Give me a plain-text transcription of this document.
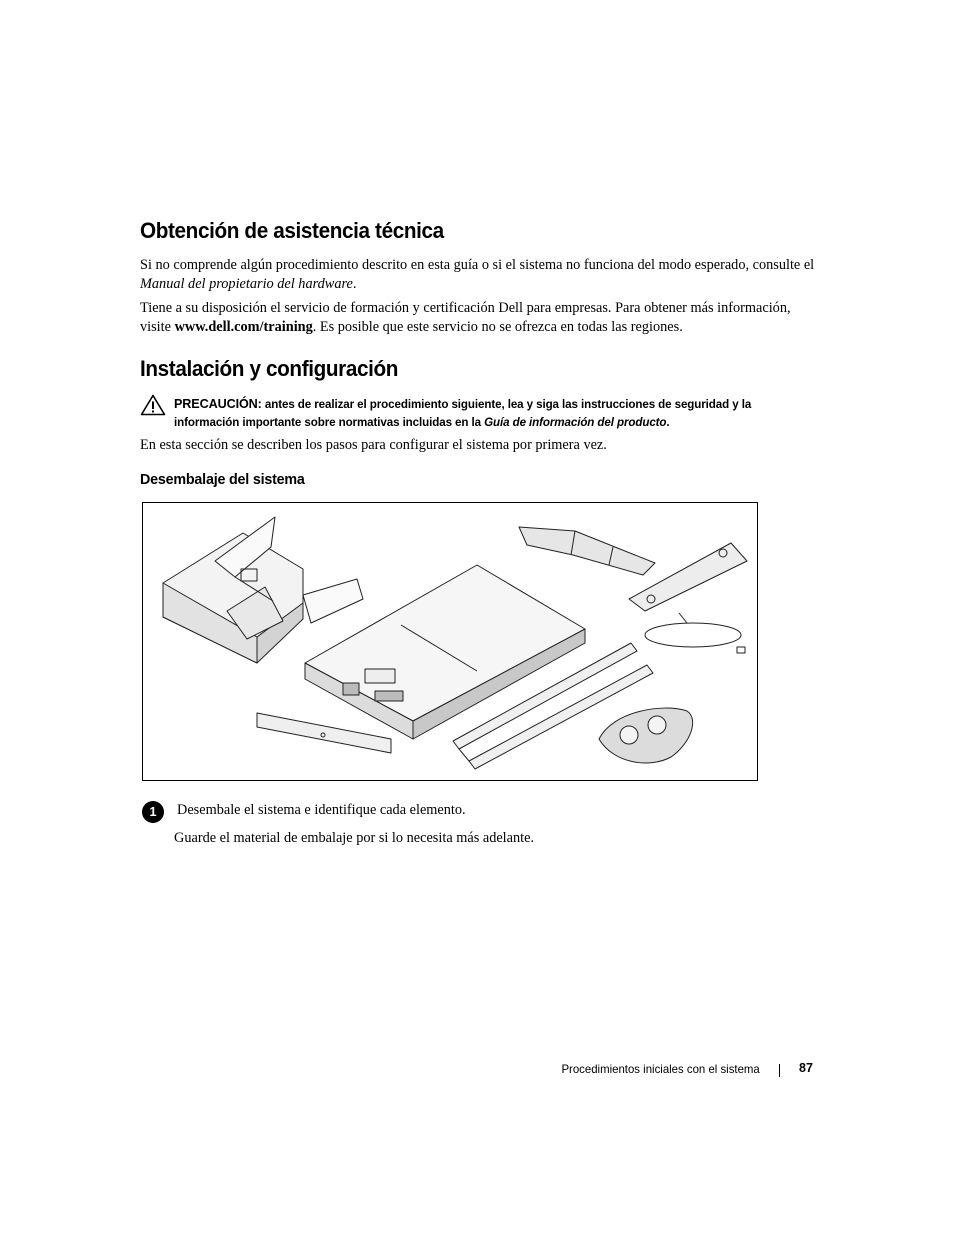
Obtención de asistencia técnica

Si no comprende algún procedimiento descrito en esta guía o si el sistema no funciona del modo esperado, consulte el Manual del propietario del hardware.

Tiene a su disposición el servicio de formación y certificación Dell para empresas. Para obtener más información, visite www.dell.com/training. Es posible que este servicio no se ofrezca en todas las regiones.

Instalación y configuración
PRECAUCIÓN: antes de realizar el procedimiento siguiente, lea y siga las instrucciones de seguridad y la información importante sobre normativas incluidas en la Guía de información del producto.

En esta sección se describen los pasos para configurar el sistema por primera vez.

Desembalaje del sistema
1	Desembale el sistema e identifique cada elemento.
Guarde el material de embalaje por si lo necesita más adelante.
Procedimientos iniciales con el sistema	87
